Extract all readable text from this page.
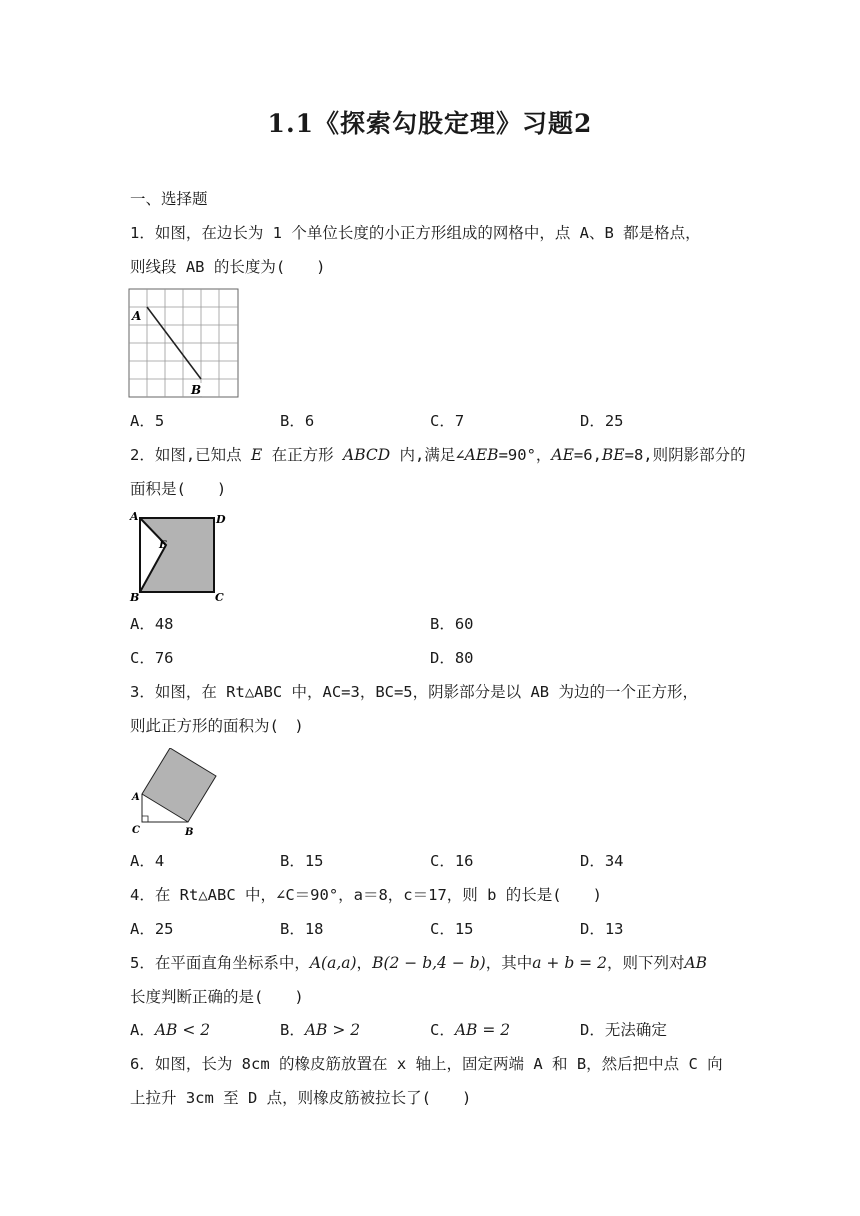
1.1《探索勾股定理》习题2
一、选择题
1．如图，在边长为 1 个单位长度的小正方形组成的网格中，点 A、B 都是格点，
则线段 AB 的长度为(　　)
A
B
A．5	B．6	C．7	D．25
2．如图,已知点 E 在正方形 ABCD 内,满足∠AEB=90°，AE=6,BE=8,则阴影部分的
面积是(　　)
A	D
B	C
E
A．48	B．60
C．76	D．80
3．如图，在 Rt△ABC 中，AC=3，BC=5，阴影部分是以 AB 为边的一个正方形，
则此正方形的面积为(　)
A
C	B
A．4	B．15	C．16	D．34
4．在 Rt△ABC 中，∠C＝90°，a＝8，c＝17，则 b 的长是(　　)
A．25	B．18	C．15	D．13
5．在平面直角坐标系中，A(a,a)，B(2 − b,4 − b)，其中a + b = 2，则下列对AB
长度判断正确的是(　　)
A．AB < 2	B．AB > 2	C．AB = 2	D．无法确定
6．如图，长为 8cm 的橡皮筋放置在 x 轴上，固定两端 A 和 B，然后把中点 C 向
上拉升 3cm 至 D 点，则橡皮筋被拉长了(　　)
